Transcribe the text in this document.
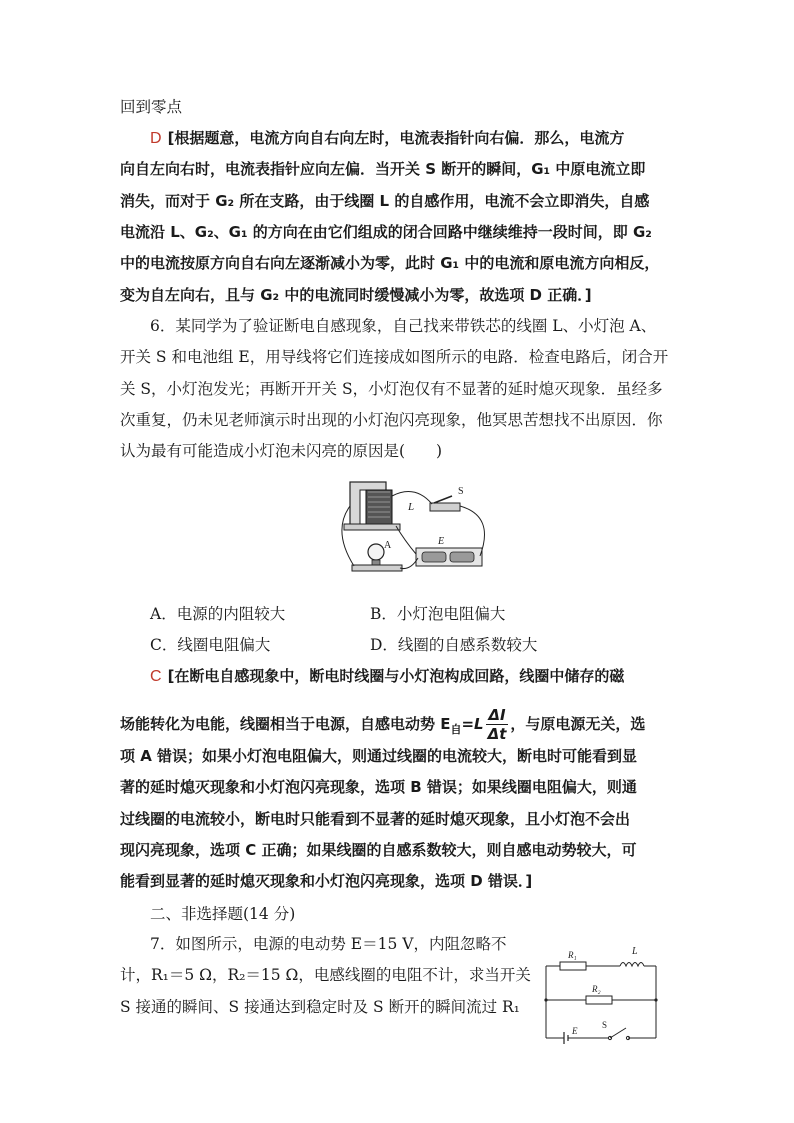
回到零点
D [根据题意，电流方向自右向左时，电流表指针向右偏．那么，电流方
向自左向右时，电流表指针应向左偏．当开关 S 断开的瞬间，G₁ 中原电流立即
消失，而对于 G₂ 所在支路，由于线圈 L 的自感作用，电流不会立即消失，自感
电流沿 L、G₂、G₁ 的方向在由它们组成的闭合回路中继续维持一段时间，即 G₂
中的电流按原方向自右向左逐渐减小为零，此时 G₁ 中的电流和原电流方向相反，
变为自左向右，且与 G₂ 中的电流同时缓慢减小为零，故选项 D 正确．]
6．某同学为了验证断电自感现象，自己找来带铁芯的线圈 L、小灯泡 A、
开关 S 和电池组 E，用导线将它们连接成如图所示的电路．检查电路后，闭合开
关 S，小灯泡发光；再断开开关 S，小灯泡仅有不显著的延时熄灭现象．虽经多
次重复，仍未见老师演示时出现的小灯泡闪亮现象，他冥思苦想找不出原因．你
认为最有可能造成小灯泡未闪亮的原因是(　　)
L
S
A	E
A．电源的内阻较大	B．小灯泡电阻偏大
C．线圈电阻偏大	D．线圈的自感系数较大
C [在断电自感现象中，断电时线圈与小灯泡构成回路，线圈中储存的磁
场能转化为电能，线圈相当于电源，自感电动势 $E_自=L \frac{\Delta I}{\Delta t}$ ，与原电源无关，选
项 A 错误；如果小灯泡电阻偏大，则通过线圈的电流较大，断电时可能看到显
著的延时熄灭现象和小灯泡闪亮现象，选项 B 错误；如果线圈电阻偏大，则通
过线圈的电流较小，断电时只能看到不显著的延时熄灭现象，且小灯泡不会出
现闪亮现象，选项 C 正确；如果线圈的自感系数较大，则自感电动势较大，可
能看到显著的延时熄灭现象和小灯泡闪亮现象，选项 D 错误．]
二、非选择题(14 分)
7．如图所示，电源的电动势 E＝15 V，内阻忽略不
计，R₁＝5 Ω，R₂＝15 Ω，电感线圈的电阻不计，求当开关
S 接通的瞬间、S 接通达到稳定时及 S 断开的瞬间流过 R₁
R₁	L
R₂
E
S
